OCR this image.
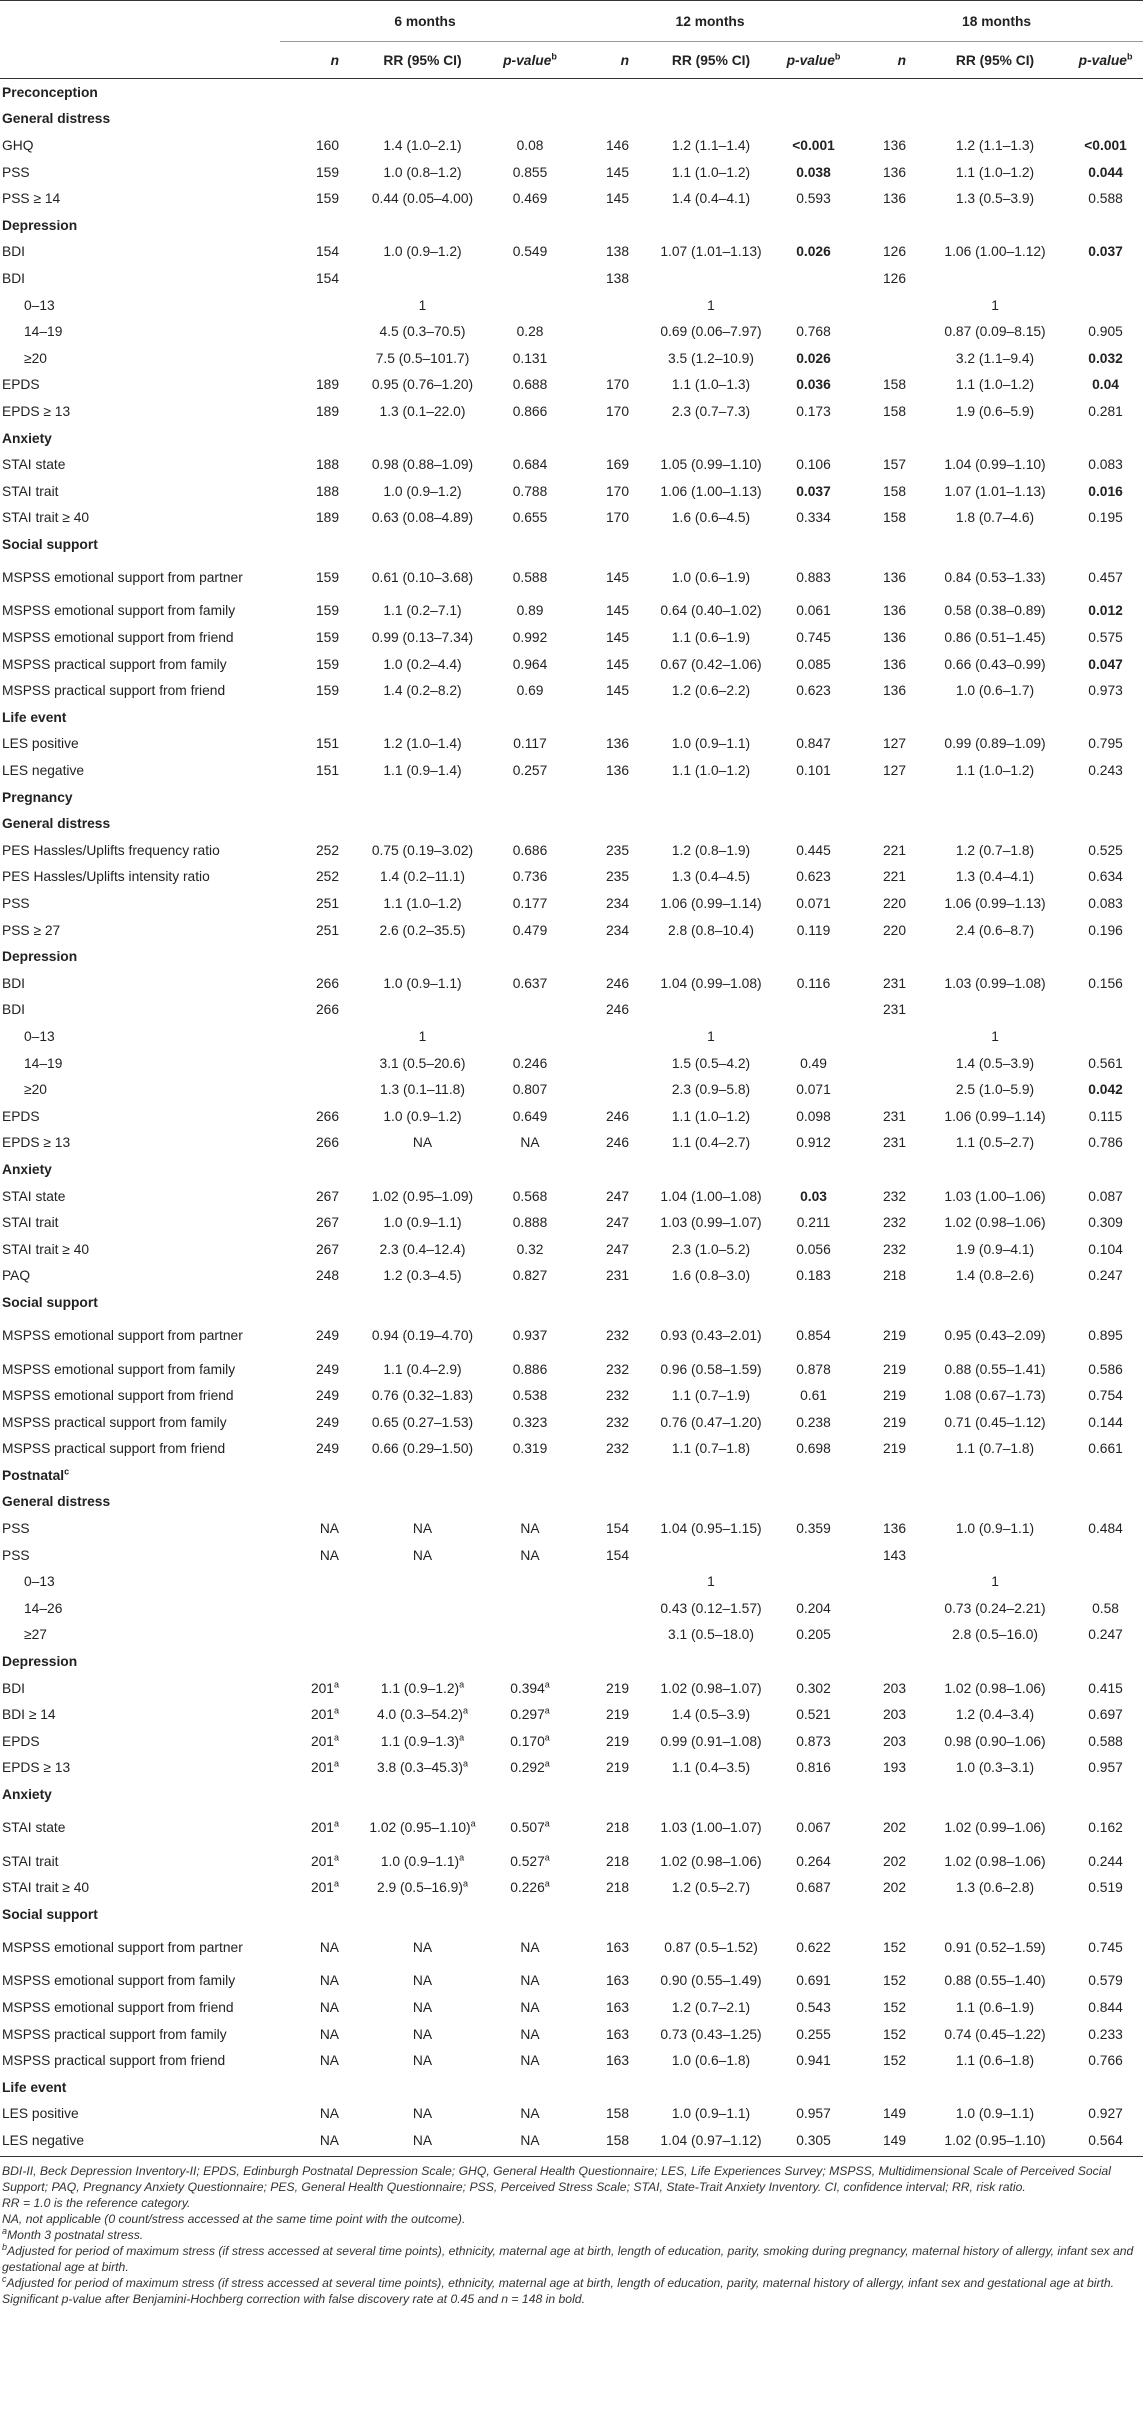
	6 months			12 months			18 months		
	n	RR (95% CI)	p-value$^b$	n	RR (95% CI)	p-value$^b$	n	RR (95% CI)	p-value$^b$
Preconception									
General distress									
GHQ	160	1.4 (1.0–2.1)	0.08	146	1.2 (1.1–1.4)	<0.001	136	1.2 (1.1–1.3)	<0.001
PSS	159	1.0 (0.8–1.2)	0.855	145	1.1 (1.0–1.2)	0.038	136	1.1 (1.0–1.2)	0.044
PSS ≥ 14	159	0.44 (0.05–4.00)	0.469	145	1.4 (0.4–4.1)	0.593	136	1.3 (0.5–3.9)	0.588
Depression									
BDI	154	1.0 (0.9–1.2)	0.549	138	1.07 (1.01–1.13)	0.026	126	1.06 (1.00–1.12)	0.037
BDI	154			138			126		
0–13		1			1			1	
14–19		4.5 (0.3–70.5)	0.28		0.69 (0.06–7.97)	0.768		0.87 (0.09–8.15)	0.905
≥20		7.5 (0.5–101.7)	0.131		3.5 (1.2–10.9)	0.026		3.2 (1.1–9.4)	0.032
EPDS	189	0.95 (0.76–1.20)	0.688	170	1.1 (1.0–1.3)	0.036	158	1.1 (1.0–1.2)	0.04
EPDS ≥ 13	189	1.3 (0.1–22.0)	0.866	170	2.3 (0.7–7.3)	0.173	158	1.9 (0.6–5.9)	0.281
Anxiety									
STAI state	188	0.98 (0.88–1.09)	0.684	169	1.05 (0.99–1.10)	0.106	157	1.04 (0.99–1.10)	0.083
STAI trait	188	1.0 (0.9–1.2)	0.788	170	1.06 (1.00–1.13)	0.037	158	1.07 (1.01–1.13)	0.016
STAI trait ≥ 40	189	0.63 (0.08–4.89)	0.655	170	1.6 (0.6–4.5)	0.334	158	1.8 (0.7–4.6)	0.195
Social support									
MSPSS emotional support from partner	159	0.61 (0.10–3.68)	0.588	145	1.0 (0.6–1.9)	0.883	136	0.84 (0.53–1.33)	0.457
MSPSS emotional support from family	159	1.1 (0.2–7.1)	0.89	145	0.64 (0.40–1.02)	0.061	136	0.58 (0.38–0.89)	0.012
MSPSS emotional support from friend	159	0.99 (0.13–7.34)	0.992	145	1.1 (0.6–1.9)	0.745	136	0.86 (0.51–1.45)	0.575
MSPSS practical support from family	159	1.0 (0.2–4.4)	0.964	145	0.67 (0.42–1.06)	0.085	136	0.66 (0.43–0.99)	0.047
MSPSS practical support from friend	159	1.4 (0.2–8.2)	0.69	145	1.2 (0.6–2.2)	0.623	136	1.0 (0.6–1.7)	0.973
Life event									
LES positive	151	1.2 (1.0–1.4)	0.117	136	1.0 (0.9–1.1)	0.847	127	0.99 (0.89–1.09)	0.795
LES negative	151	1.1 (0.9–1.4)	0.257	136	1.1 (1.0–1.2)	0.101	127	1.1 (1.0–1.2)	0.243
Pregnancy									
General distress									
PES Hassles/Uplifts frequency ratio	252	0.75 (0.19–3.02)	0.686	235	1.2 (0.8–1.9)	0.445	221	1.2 (0.7–1.8)	0.525
PES Hassles/Uplifts intensity ratio	252	1.4 (0.2–11.1)	0.736	235	1.3 (0.4–4.5)	0.623	221	1.3 (0.4–4.1)	0.634
PSS	251	1.1 (1.0–1.2)	0.177	234	1.06 (0.99–1.14)	0.071	220	1.06 (0.99–1.13)	0.083
PSS ≥ 27	251	2.6 (0.2–35.5)	0.479	234	2.8 (0.8–10.4)	0.119	220	2.4 (0.6–8.7)	0.196
Depression									
BDI	266	1.0 (0.9–1.1)	0.637	246	1.04 (0.99–1.08)	0.116	231	1.03 (0.99–1.08)	0.156
BDI	266			246			231		
0–13		1			1			1	
14–19		3.1 (0.5–20.6)	0.246		1.5 (0.5–4.2)	0.49		1.4 (0.5–3.9)	0.561
≥20		1.3 (0.1–11.8)	0.807		2.3 (0.9–5.8)	0.071		2.5 (1.0–5.9)	0.042
EPDS	266	1.0 (0.9–1.2)	0.649	246	1.1 (1.0–1.2)	0.098	231	1.06 (0.99–1.14)	0.115
EPDS ≥ 13	266	NA	NA	246	1.1 (0.4–2.7)	0.912	231	1.1 (0.5–2.7)	0.786
Anxiety									
STAI state	267	1.02 (0.95–1.09)	0.568	247	1.04 (1.00–1.08)	0.03	232	1.03 (1.00–1.06)	0.087
STAI trait	267	1.0 (0.9–1.1)	0.888	247	1.03 (0.99–1.07)	0.211	232	1.02 (0.98–1.06)	0.309
STAI trait ≥ 40	267	2.3 (0.4–12.4)	0.32	247	2.3 (1.0–5.2)	0.056	232	1.9 (0.9–4.1)	0.104
PAQ	248	1.2 (0.3–4.5)	0.827	231	1.6 (0.8–3.0)	0.183	218	1.4 (0.8–2.6)	0.247
Social support									
MSPSS emotional support from partner	249	0.94 (0.19–4.70)	0.937	232	0.93 (0.43–2.01)	0.854	219	0.95 (0.43–2.09)	0.895
MSPSS emotional support from family	249	1.1 (0.4–2.9)	0.886	232	0.96 (0.58–1.59)	0.878	219	0.88 (0.55–1.41)	0.586
MSPSS emotional support from friend	249	0.76 (0.32–1.83)	0.538	232	1.1 (0.7–1.9)	0.61	219	1.08 (0.67–1.73)	0.754
MSPSS practical support from family	249	0.65 (0.27–1.53)	0.323	232	0.76 (0.47–1.20)	0.238	219	0.71 (0.45–1.12)	0.144
MSPSS practical support from friend	249	0.66 (0.29–1.50)	0.319	232	1.1 (0.7–1.8)	0.698	219	1.1 (0.7–1.8)	0.661
Postnatal$^c$	
General distress									
PSS	NA	NA	NA	154	1.04 (0.95–1.15)	0.359	136	1.0 (0.9–1.1)	0.484
PSS	NA	NA	NA	154			143		
0–13					1			1	
14–26					0.43 (0.12–1.57)	0.204		0.73 (0.24–2.21)	0.58
≥27					3.1 (0.5–18.0)	0.205		2.8 (0.5–16.0)	0.247
Depression									
BDI	201$^a$	1.1 $(0.9-1.2)^a$	0.394$^a$	219	1.02 (0.98–1.07)	0.302	203	1.02 (0.98–1.06)	0.415
BDI ≥ 14	201$^a$	4.0 $(0.3-54.2)^a$	0.297$^a$	219	1.4 (0.5–3.9)	0.521	203	1.2 (0.4–3.4)	0.697
EPDS	201$^a$	1.1 $(0.9-1.3)^a$	0.170$^a$	219	0.99 (0.91–1.08)	0.873	203	0.98 (0.90–1.06)	0.588
EPDS ≥ 13	201$^a$	3.8 $(0.3-45.3)^a$	0.292$^a$	219	1.1 (0.4–3.5)	0.816	193	1.0 (0.3–3.1)	0.957
Anxiety									
STAI state	201$^a$	1.02 $(0.95-1.10)^a$	0.507$^a$	218	1.03 (1.00–1.07)	0.067	202	1.02 (0.99–1.06)	0.162
STAI trait	201$^a$	1.0 $(0.9-1.1)^a$	0.527$^a$	218	1.02 (0.98–1.06)	0.264	202	1.02 (0.98–1.06)	0.244
STAI trait ≥ 40	201$^a$	2.9 $(0.5-16.9)^a$	0.226$^a$	218	1.2 (0.5–2.7)	0.687	202	1.3 (0.6–2.8)	0.519
Social support									
MSPSS emotional support from partner	NA	NA	NA	163	0.87 (0.5–1.52)	0.622	152	0.91 (0.52–1.59)	0.745
MSPSS emotional support from family	NA	NA	NA	163	0.90 (0.55–1.49)	0.691	152	0.88 (0.55–1.40)	0.579
MSPSS emotional support from friend	NA	NA	NA	163	1.2 (0.7–2.1)	0.543	152	1.1 (0.6–1.9)	0.844
MSPSS practical support from family	NA	NA	NA	163	0.73 (0.43–1.25)	0.255	152	0.74 (0.45–1.22)	0.233
MSPSS practical support from friend	NA	NA	NA	163	1.0 (0.6–1.8)	0.941	152	1.1 (0.6–1.8)	0.766
Life event									
LES positive	NA	NA	NA	158	1.0 (0.9–1.1)	0.957	149	1.0 (0.9–1.1)	0.927
LES negative	NA	NA	NA	158	1.04 (0.97–1.12)	0.305	149	1.02 (0.95–1.10)	0.564

BDI-II, Beck Depression Inventory-II; EPDS, Edinburgh Postnatal Depression Scale; GHQ, General Health Questionnaire; LES, Life Experiences Survey; MSPSS, Multidimensional Scale of Perceived Social Support; PAQ, Pregnancy Anxiety Questionnaire; PES, General Health Questionnaire; PSS, Perceived Stress Scale; STAI, State-Trait Anxiety Inventory. CI, confidence interval; RR, risk ratio.

RR = 1.0 is the reference category.

NA, not applicable (0 count/stress accessed at the same time point with the outcome).

$^a$Month 3 postnatal stress.

$^b$Adjusted for period of maximum stress (if stress accessed at several time points), ethnicity, maternal age at birth, length of education, parity, smoking during pregnancy, maternal history of allergy, infant sex and gestational age at birth.

$^c$Adjusted for period of maximum stress (if stress accessed at several time points), ethnicity, maternal age at birth, length of education, parity, maternal history of allergy, infant sex and gestational age at birth.

Significant p-value after Benjamini-Hochberg correction with false discovery rate at 0.45 and n = 148 in bold.
